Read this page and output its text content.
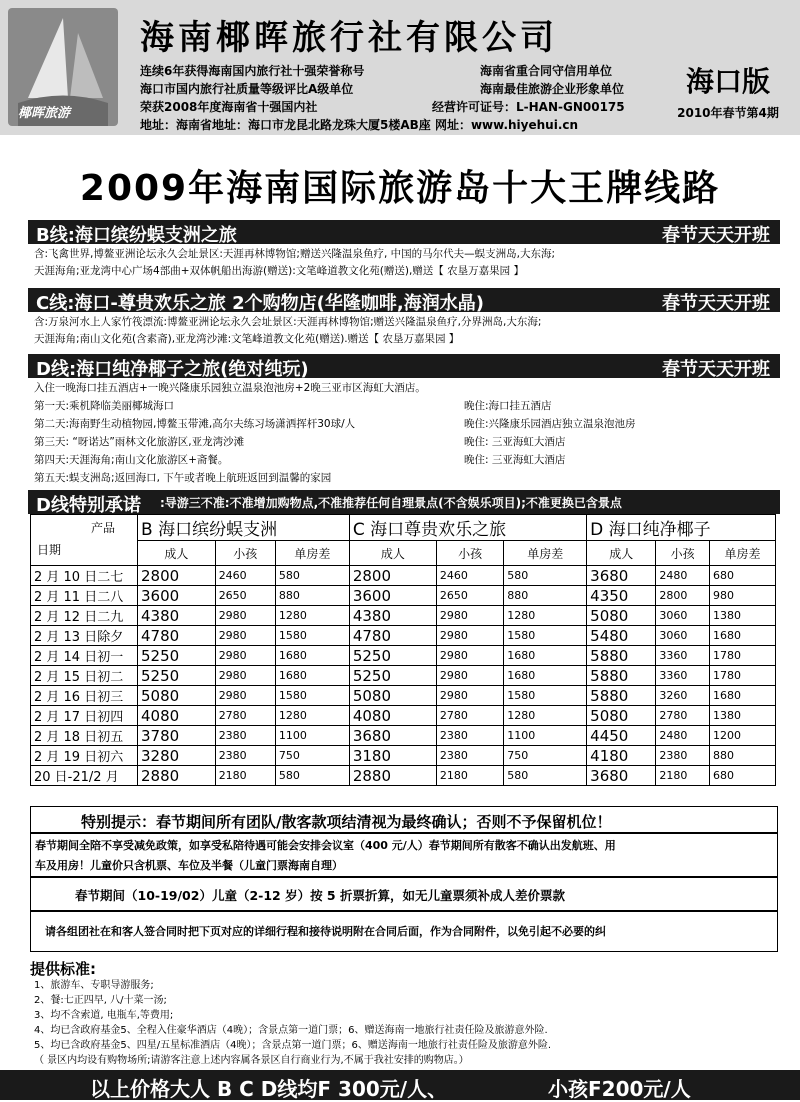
椰晖旅游
海南椰晖旅行社有限公司
连续6年获得海南国内旅行社十强荣誉称号
海口市国内旅行社质量等级评比A级单位
荣获2008年度海南省十强国内社
海南省重合同守信用单位
海南最佳旅游企业形象单位
经营许可证号：L-HAN-GN00175
地址：海南省地址：海口市龙昆北路龙珠大厦5楼AB座 网址：www.hiyehui.cn
海口版
2010年春节第4期
2009年海南国际旅游岛十大王牌线路
B线:海口缤纷蜈支洲之旅	春节天天开班
含:飞禽世界,博鳌亚洲论坛永久会址景区:天涯再林博物馆;赠送兴隆温泉鱼疗, 中国的马尔代夫—蜈支洲岛,大东海;
天涯海角;亚龙湾中心广场4部曲+双体帆船出海游(赠送):文笔峰道教文化苑(赠送),赠送【 农垦万嘉果园 】
C线:海口-尊贵欢乐之旅 2个购物店(华隆咖啡,海润水晶)	春节天天开班
含:万泉河水上人家竹筏漂流:博鳌亚洲论坛永久会址景区:天涯再林博物馆;赠送兴隆温泉鱼疗,分界洲岛,大东海;
天涯海角;南山文化苑(含素斋),亚龙湾沙滩:文笔峰道教文化苑(赠送).赠送【 农垦万嘉果园 】
D线:海口纯净椰子之旅(绝对纯玩)	春节天天开班
入住一晚海口挂五酒店+一晚兴隆康乐园独立温泉泡池房+2晚三亚市区海虹大酒店。
第一天:乘机降临美丽椰城海口	晚住:海口挂五酒店
第二天:海南野生动植物园,博鳌玉带滩,高尔夫练习场潇洒挥杆30球/人	晚住:兴隆康乐园酒店独立温泉泡池房
第三天: “呀诺达”雨林文化旅游区,亚龙湾沙滩	晚住: 三亚海虹大酒店
第四天:天涯海角;南山文化旅游区+斋餐。	晚住: 三亚海虹大酒店
第五天:蜈支洲岛;返回海口, 下午或者晚上航班返回到温馨的家园
D线特别承诺 :导游三不准:不准增加购物点,不准推荐任何自理景点(不含娱乐项目);不准更换已含景点
产品
日期	B 海口缤纷蜈支洲			C 海口尊贵欢乐之旅			D 海口纯净椰子		
	成人	小孩	单房差	成人	小孩	单房差	成人	小孩	单房差
2 月 10 日二七	2800	2460	580	2800	2460	580	3680	2480	680
2 月 11 日二八	3600	2650	880	3600	2650	880	4350	2800	980
2 月 12 日二九	4380	2980	1280	4380	2980	1280	5080	3060	1380
2 月 13 日除夕	4780	2980	1580	4780	2980	1580	5480	3060	1680
2 月 14 日初一	5250	2980	1680	5250	2980	1680	5880	3360	1780
2 月 15 日初二	5250	2980	1680	5250	2980	1680	5880	3360	1780
2 月 16 日初三	5080	2980	1580	5080	2980	1580	5880	3260	1680
2 月 17 日初四	4080	2780	1280	4080	2780	1280	5080	2780	1380
2 月 18 日初五	3780	2380	1100	3680	2380	1100	4450	2480	1200
2 月 19 日初六	3280	2380	750	3180	2380	750	4180	2380	880
20 日-21/2 月	2880	2180	580	2880	2180	580	3680	2180	680
特别提示：春节期间所有团队/散客款项结清视为最终确认；否则不予保留机位！
春节期间全陪不享受减免政策，如享受私陪待遇可能会安排会议室（400 元/人）春节期间所有散客不确认出发航班、用
车及用房！儿童价只含机票、车位及半餐（儿童门票海南自理）
春节期间（10-19/02）儿童（2-12 岁）按 5 折票折算，如无儿童票须补成人差价票款
请各组团社在和客人签合同时把下页对应的详细行程和接待说明附在合同后面，作为合同附件，以免引起不必要的纠
提供标准:
1、旅游车、专职导游服务;
2、餐:七正四早, 八/十菜一汤;
3、均不含索道, 电瓶车,等费用;
4、均已含政府基金5、全程入住豪华酒店（4晚）；含景点第一道门票；6、赠送海南一地旅行社责任险及旅游意外险.
5、均已含政府基金5、四星/五星标准酒店（4晚）；含景点第一道门票；6、赠送海南一地旅行社责任险及旅游意外险.
（ 景区内均设有购物场所;请游客注意上述内容属各景区自行商业行为,不属于我社安排的购物店。）
以上价格大人 B C D线均F 300元/人、	小孩F200元/人
